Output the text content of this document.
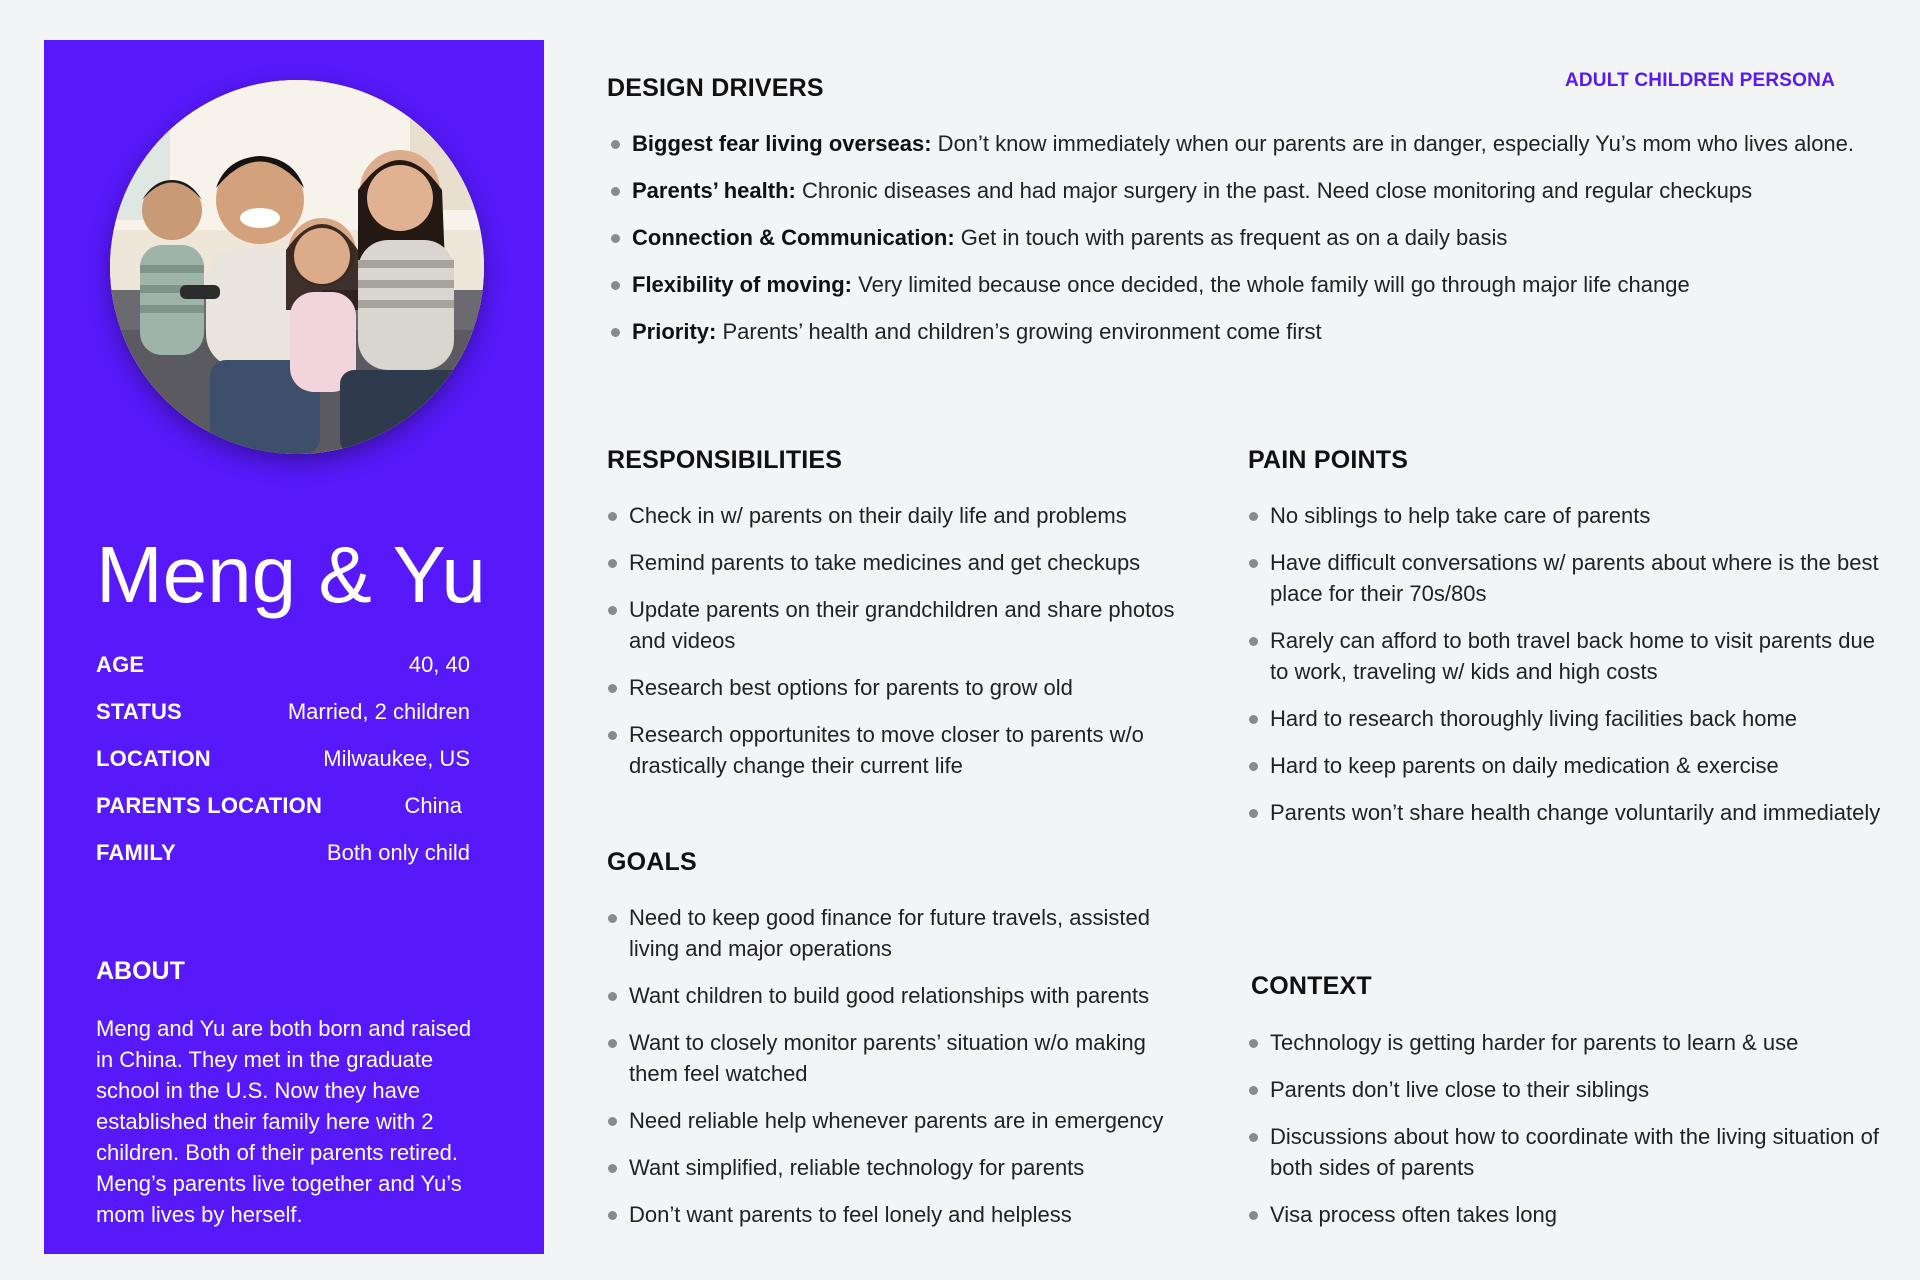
ADULT CHILDREN PERSONA
Meng & Yu
AGE	40, 40
STATUS	Married, 2 children
LOCATION	Milwaukee, US
PARENTS LOCATION	China
FAMILY	Both only child
ABOUT
Meng and Yu are both born and raised in China. They met in the graduate school in the U.S. Now they have established their family here with 2 children. Both of their parents retired. Meng’s parents live together and Yu’s mom lives by herself.
DESIGN DRIVERS
Biggest fear living overseas: Don’t know immediately when our parents are in danger, especially Yu’s mom who lives alone.
Parents’ health: Chronic diseases and had major surgery in the past. Need close monitoring and regular checkups
Connection & Communication: Get in touch with parents as frequent as on a daily basis
Flexibility of moving: Very limited because once decided, the whole family will go through major life change
Priority: Parents’ health and children’s growing environment come first
RESPONSIBILITIES
Check in w/ parents on their daily life and problems
Remind parents to take medicines and get checkups
Update parents on their grandchildren and share photos and videos
Research best options for parents to grow old
Research opportunites to move closer to parents w/o drastically change their current life
GOALS
Need to keep good finance for future travels, assisted living and major operations
Want children to build good relationships with parents
Want to closely monitor parents’ situation w/o making them feel watched
Need reliable help whenever parents are in emergency
Want simplified, reliable technology for parents
Don’t want parents to feel lonely and helpless
PAIN POINTS
No siblings to help take care of parents
Have difficult conversations w/ parents about where is the best place for their 70s/80s
Rarely can afford to both travel back home to visit parents due to work, traveling w/ kids and high costs
Hard to research thoroughly living facilities back home
Hard to keep parents on daily medication & exercise
Parents won’t share health change voluntarily and immediately
CONTEXT
Technology is getting harder for parents to learn & use
Parents don’t live close to their siblings
Discussions about how to coordinate with the living situation of both sides of parents
Visa process often takes long
